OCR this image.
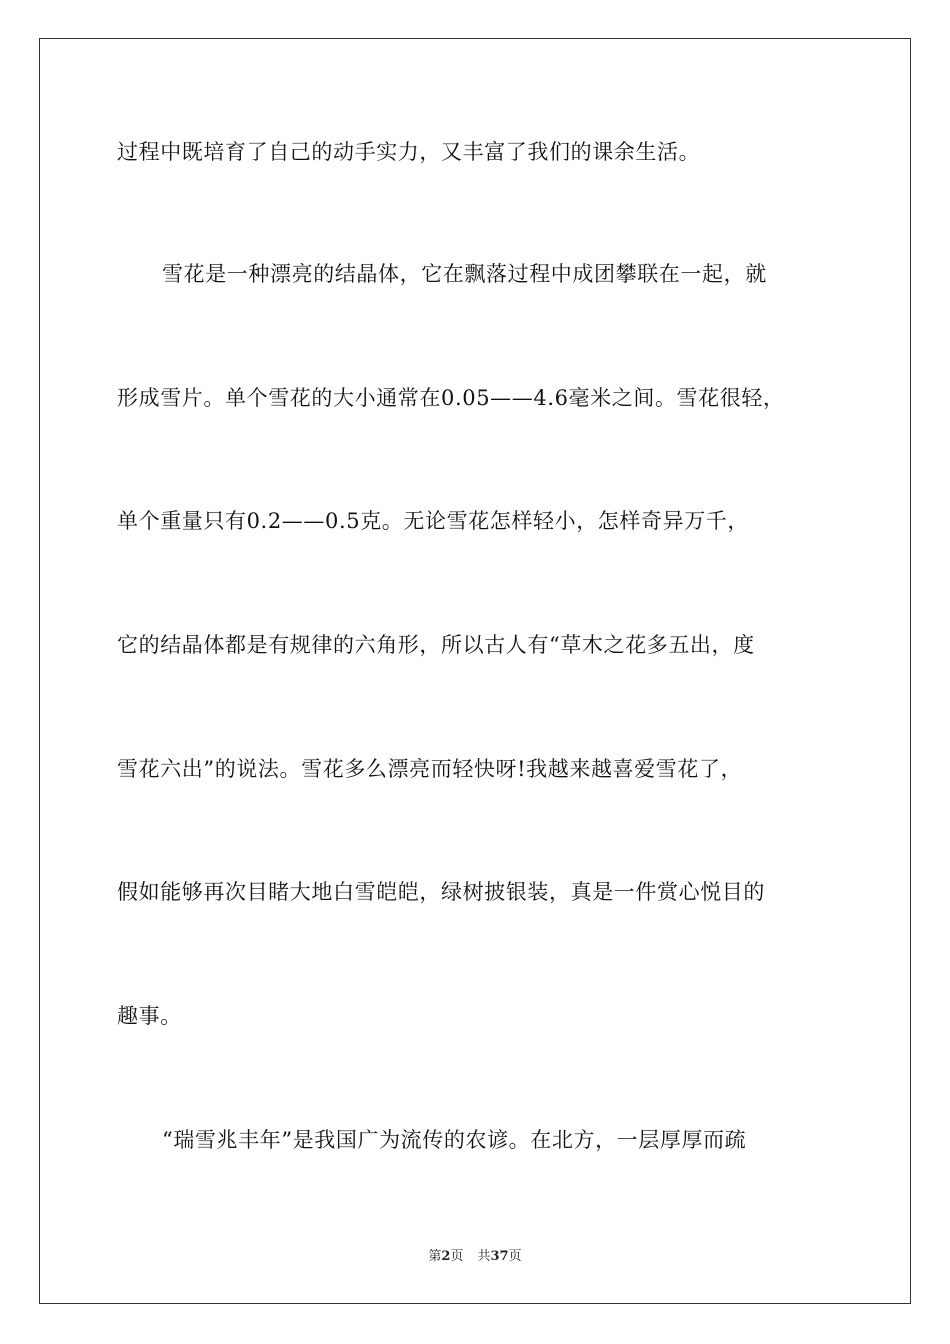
过程中既培育了自己的动手实力，又丰富了我们的课余生活。
雪花是一种漂亮的结晶体，它在飘落过程中成团攀联在一起，就
形成雪片。单个雪花的大小通常在0.05——4.6毫米之间。雪花很轻，
单个重量只有0.2——0.5克。无论雪花怎样轻小，怎样奇异万千，
它的结晶体都是有规律的六角形，所以古人有“草木之花多五出，度
雪花六出”的说法。雪花多么漂亮而轻快呀!我越来越喜爱雪花了，
假如能够再次目睹大地白雪皑皑，绿树披银装，真是一件赏心悦目的
趣事。
“瑞雪兆丰年”是我国广为流传的农谚。在北方，一层厚厚而疏
第2页 共37页
